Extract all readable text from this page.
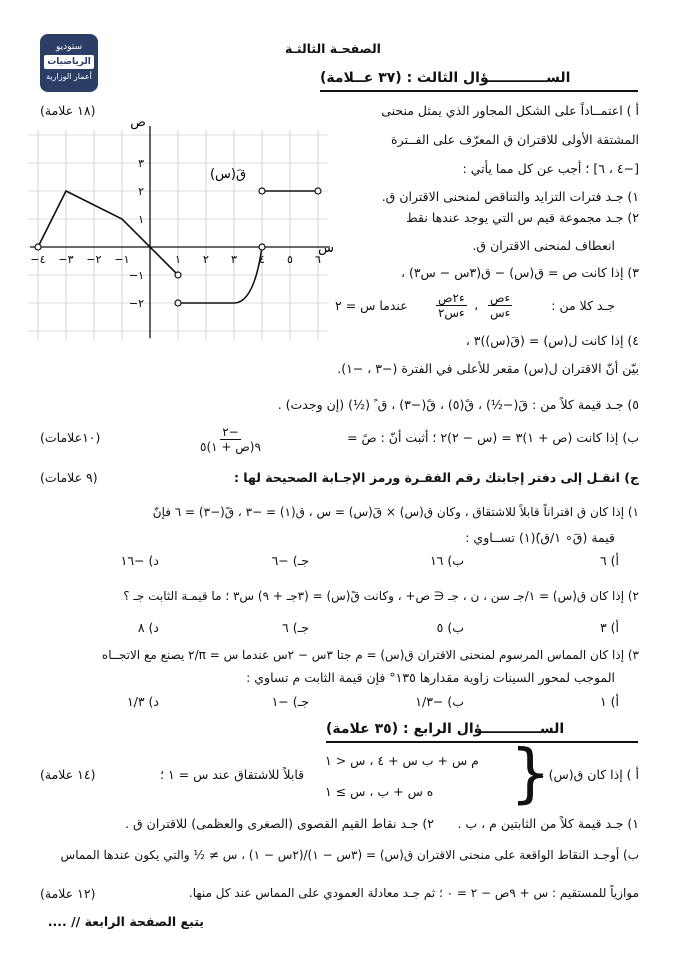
ستوديو
الرياضيات
أعمار الوزارية
الصفحـة الثالثـة
الســــــــــــؤال الثالث : (٣٧ عــلامة)
(١٨ علامة)	أ ) اعتمــاداً على الشكل المجاور الذي يمثل منحنى
المشتقة الأولى للاقتران ق المعرّف على الفــترة
[−٤ ، ٦] ؛ أجب عن كل مما يأتي :
ص
س
قَ(س)
−٤ −٣ −٢ −١	١ ٢ ٣ ٤ ٥ ٦
٣
٢
١
−١
−٢
١) جـد فترات التزايد والتناقص لمنحنى الاقتران ق.
٢) جـد مجموعة قيم س التي يوجد عندها نقط
انعطاف لمنحنى الاقتران ق.
٣) إذا كانت ص = ق(س) − ق(٣س − س٣) ،
جـد كلا من :
ءص
ءس
،
ء٢ص
ءس٢
عندما س = ٢
٤) إذا كانت ل(س) = (قَ(س))٣ ،
بيّن أنّ الاقتران ل(س) مقعر للأعلى في الفترة (−٣ ، −١).
٥) جـد قيمة كلاً من : قَ(−½) ، قً(٥) ، قً(−٣) ، ق ً (½) (إن وجدت) .
(١٠علامات)	−٢
٩(ص + ١)٥
ب) إذا كانت (ص + ١)٣ = (س − ٢)٢ ؛ أثبت أنّ : صً =
(٩ علامات)	ج) انقـل إلى دفتر إجابتك رقم الفقـرة ورمز الإجـابة الصحيحة لها :
١) إذا كان ق اقتراناً قابلاً للاشتقاق ، وكان ق(س) × قَ(س) = س ، ق(١) = −٣ ، قً(−٣) = ٦ فإنّ
قيمة (قَ∘ ١/ق)َ(١) تســاوي :
أ) ٦
ب) ١٦
جـ) −٦
د) −١٦
٢) إذا كان ق(س) = ١/جـ سن ، ن ، جـ ∈ ص+ ، وكانت قً(س) = (٣جـ + ٩) س٣ ؛ ما قيمـة الثابت جـ ؟
أ) ٣
ب) ٥
جـ) ٦
د) ٨
٣) إذا كان المماس المرسوم لمنحنى الاقتران ق(س) = م جتا ٣س − ٢س عندما س = π/٢ يصنع مع الاتجــاه
الموجب لمحور السينات زاوية مقدارها ١٣٥° فإن قيمة الثابت م تساوي :
أ) ١
ب) −١/٣
جـ) −١
د) ١/٣
الســــــــــــؤال الرابع : (٣٥ علامة)
أ ) إذا كان ق(س) =
}
م س + ب س + ٤ ، س < ١
ه س + ب ، س ≥ ١
قابلاً للاشتقاق عند س = ١ ؛
(١٤ علامة)
١) جـد قيمة كلاً من الثابتين م ، ب .
٢) جـد نقاط القيم القصوى (الصغرى والعظمى) للاقتران ق .
ب) أوجـد النقاط الواقعة على منحنى الاقتران ق(س) = (٣س − ١)/(٢س − ١) ، س ≠ ½ والتي يكون عندها المماس
(١٢ علامة)	موازياً للمستقيم : س + ٩ص − ٢ = ٠ ؛ ثم جـد معادلة العمودي على المماس عند كل منها.
يتبع الصفحة الرابعة // ....
